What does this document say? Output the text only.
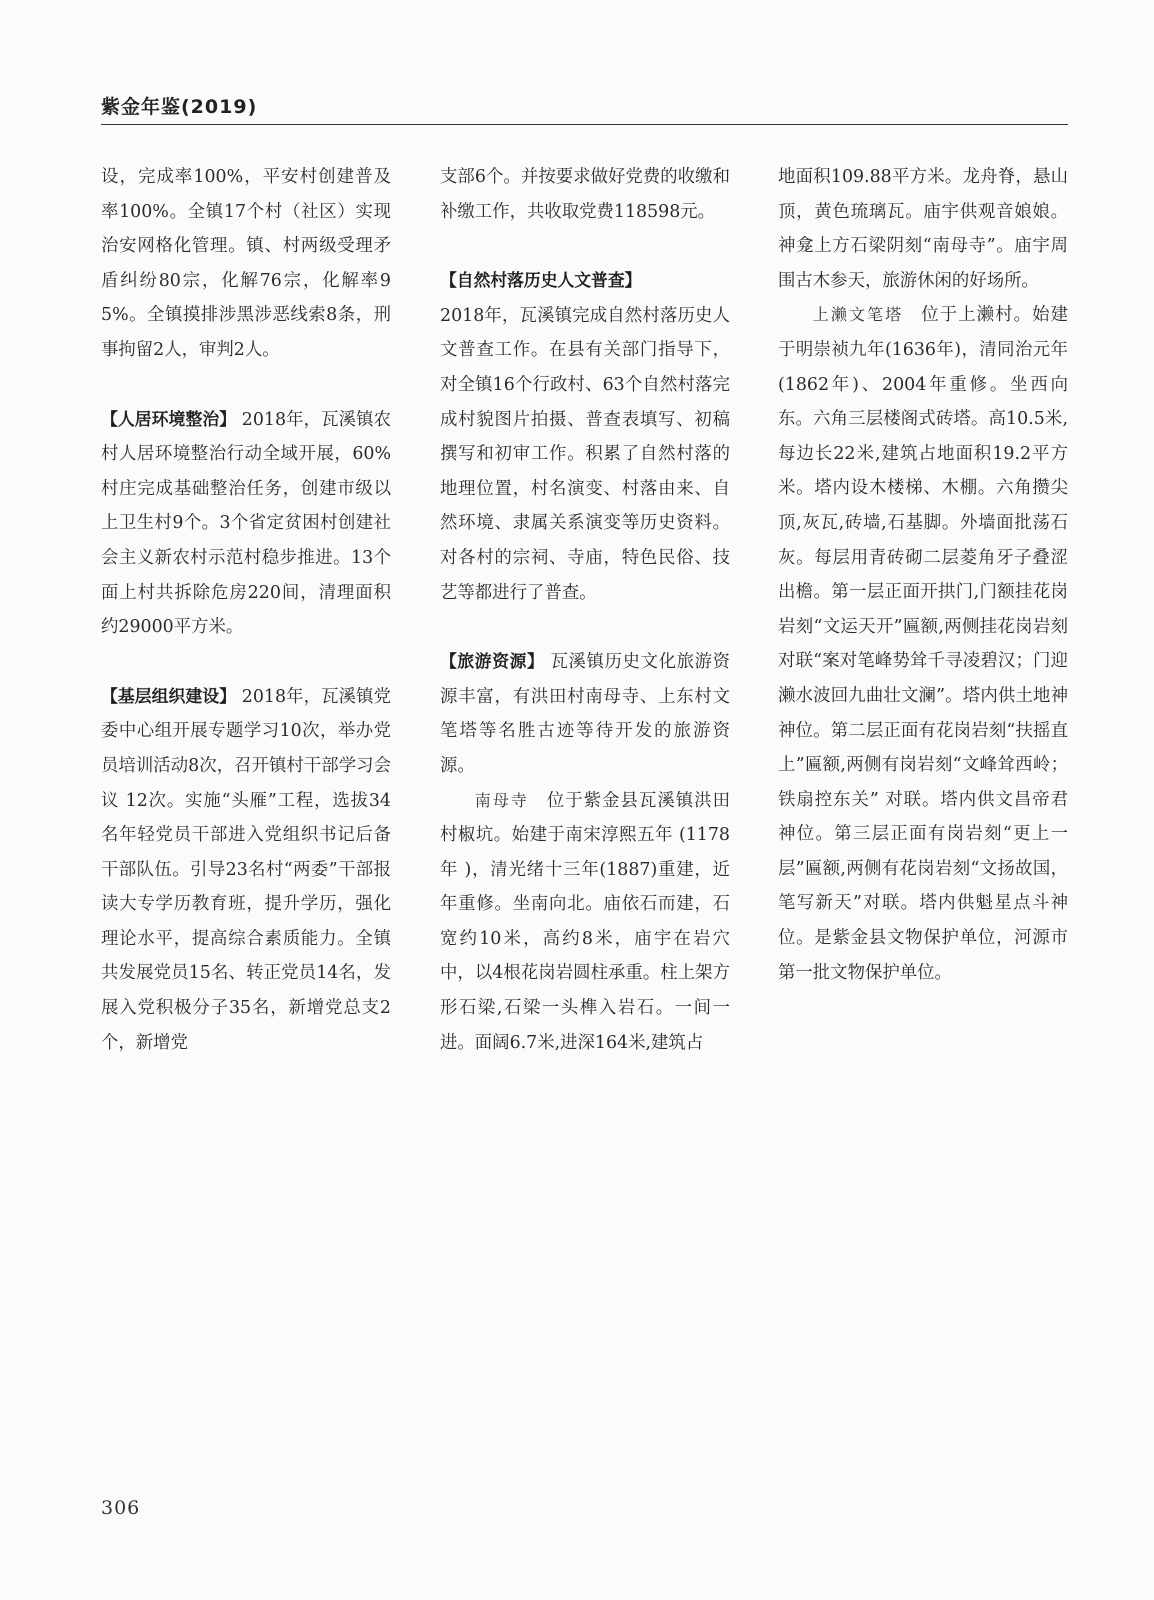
紫金年鉴(2019)

设，完成率100%，平安村创建普及率100%。全镇17个村（社区）实现治安网格化管理。镇、村两级受理矛盾纠纷80宗，化解76宗，化解率95%。全镇摸排涉黑涉恶线索8条，刑事拘留2人，审判2人。

【人居环境整治】 2018年，瓦溪镇农村人居环境整治行动全域开展，60%村庄完成基础整治任务，创建市级以上卫生村9个。3个省定贫困村创建社会主义新农村示范村稳步推进。13个面上村共拆除危房220间，清理面积约29000平方米。

【基层组织建设】 2018年，瓦溪镇党委中心组开展专题学习10次，举办党员培训活动8次，召开镇村干部学习会议 12次。实施“头雁”工程，选拔34名年轻党员干部进入党组织书记后备干部队伍。引导23名村“两委”干部报读大专学历教育班，提升学历，强化理论水平，提高综合素质能力。全镇共发展党员15名、转正党员14名，发展入党积极分子35名，新增党总支2个，新增党

支部6个。并按要求做好党费的收缴和补缴工作，共收取党费118598元。

【自然村落历史人文普查】
2018年，瓦溪镇完成自然村落历史人文普查工作。在县有关部门指导下，对全镇16个行政村、63个自然村落完成村貌图片拍摄、普查表填写、初稿撰写和初审工作。积累了自然村落的地理位置，村名演变、村落由来、自然环境、隶属关系演变等历史资料。对各村的宗祠、寺庙，特色民俗、技艺等都进行了普查。

【旅游资源】 瓦溪镇历史文化旅游资源丰富，有洪田村南母寺、上东村文笔塔等名胜古迹等待开发的旅游资源。

南母寺 位于紫金县瓦溪镇洪田村椒坑。始建于南宋淳熙五年 (1178年 )，清光绪十三年(1887)重建，近年重修。坐南向北。庙依石而建，石宽约10米，高约8米，庙宇在岩穴中，以4根花岗岩圆柱承重。柱上架方形石梁,石梁一头榫入岩石。一间一进。面阔6.7米,进深164米,建筑占

地面积109.88平方米。龙舟脊，悬山顶，黄色琉璃瓦。庙宇供观音娘娘。神龛上方石梁阴刻“南母寺”。庙宇周围古木参天，旅游休闲的好场所。

上濑文笔塔 位于上濑村。始建于明崇祯九年(1636年)，清同治元年(1862年)、2004年重修。坐西向东。六角三层楼阁式砖塔。高10.5米,每边长22米,建筑占地面积19.2平方米。塔内设木楼梯、木棚。六角攒尖顶,灰瓦,砖墙,石基脚。外墙面批荡石灰。每层用青砖砌二层菱角牙子叠涩出檐。第一层正面开拱门,门额挂花岗岩刻“文运天开”匾额,两侧挂花岗岩刻对联“案对笔峰势耸千寻凌碧汉；门迎濑水波回九曲壮文澜”。塔内供土地神神位。第二层正面有花岗岩刻“扶摇直上”匾额,两侧有岗岩刻“文峰耸西岭；铁扇控东关” 对联。塔内供文昌帝君神位。第三层正面有岗岩刻“更上一层”匾额,两侧有花岗岩刻“文扬故国，笔写新天”对联。塔内供魁星点斗神位。是紫金县文物保护单位，河源市第一批文物保护单位。

306
